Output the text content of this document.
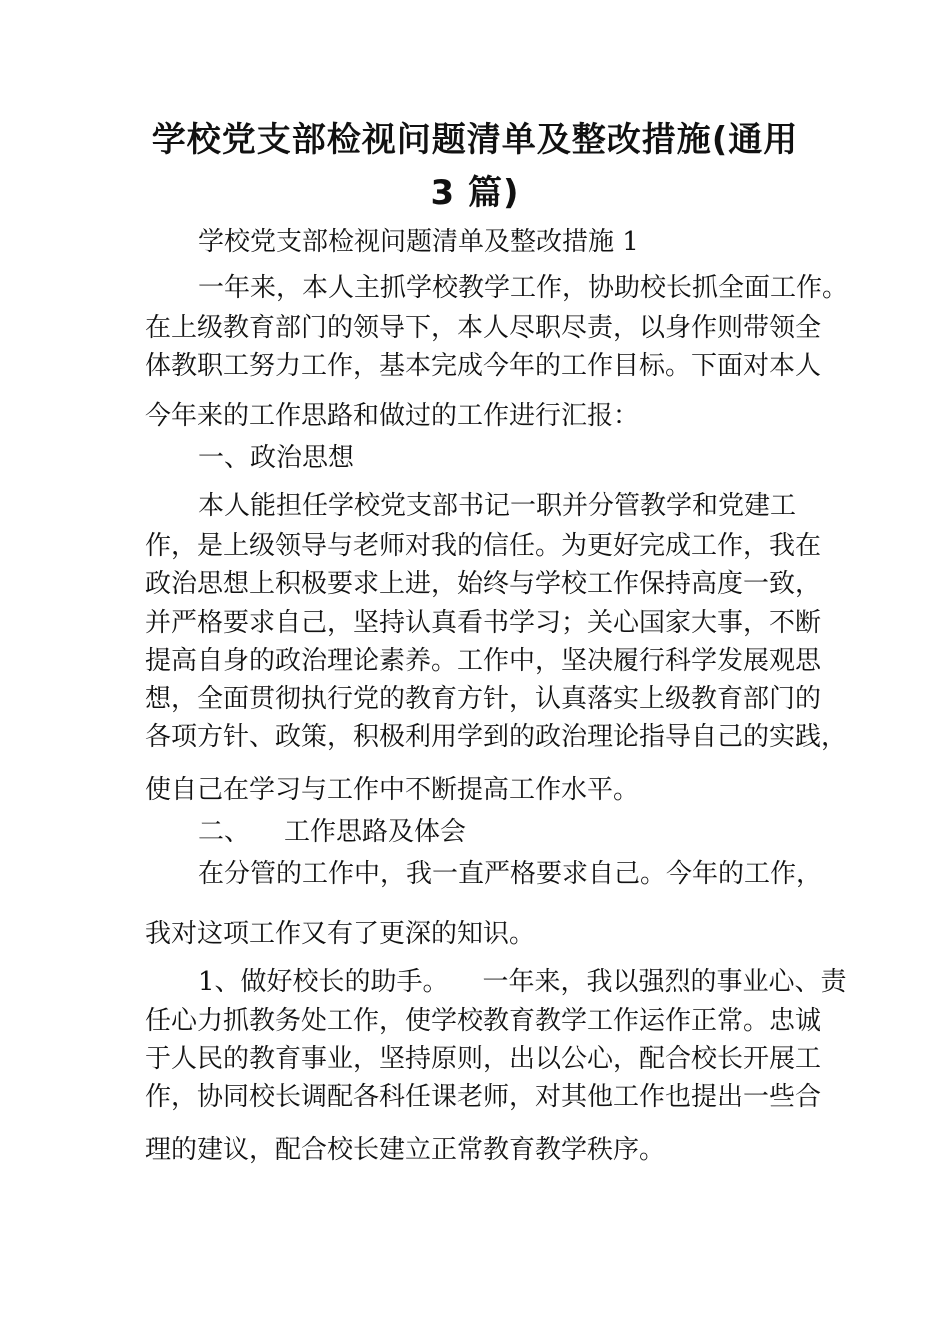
学校党支部检视问题清单及整改措施(通用
3 篇)

学校党支部检视问题清单及整改措施 1

一年来，本人主抓学校教学工作，协助校长抓全面工作。

在上级教育部门的领导下，本人尽职尽责，以身作则带领全

体教职工努力工作，基本完成今年的工作目标。下面对本人

今年来的工作思路和做过的工作进行汇报：

一、政治思想

本人能担任学校党支部书记一职并分管教学和党建工

作，是上级领导与老师对我的信任。为更好完成工作，我在

政治思想上积极要求上进，始终与学校工作保持高度一致，

并严格要求自己，坚持认真看书学习；关心国家大事，不断

提高自身的政治理论素养。工作中，坚决履行科学发展观思

想，全面贯彻执行党的教育方针，认真落实上级教育部门的

各项方针、政策，积极利用学到的政治理论指导自己的实践，

使自己在学习与工作中不断提高工作水平。

二、 工作思路及体会

在分管的工作中，我一直严格要求自己。今年的工作，

我对这项工作又有了更深的知识。

1、做好校长的助手。 一年来，我以强烈的事业心、责

任心力抓教务处工作，使学校教育教学工作运作正常。忠诚

于人民的教育事业，坚持原则，出以公心，配合校长开展工

作，协同校长调配各科任课老师，对其他工作也提出一些合

理的建议，配合校长建立正常教育教学秩序。
